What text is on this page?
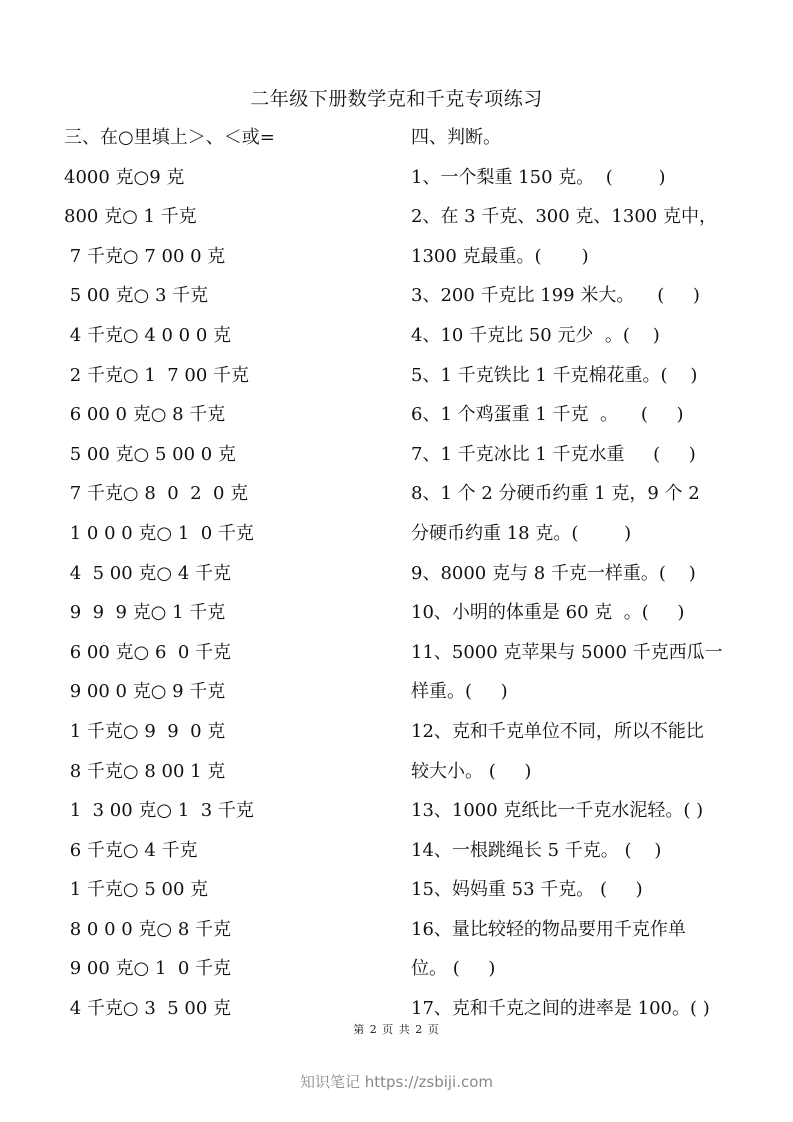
二年级下册数学克和千克专项练习
三、在○里填上＞、＜或=
4000 克○9 克
800 克○ 1 千克
7 千克○ 7 00 0 克
5 00 克○ 3 千克
4 千克○ 4 0 0 0 克
2 千克○ 1  7 00 千克
6 00 0 克○ 8 千克
5 00 克○ 5 00 0 克
7 千克○ 8  0  2  0 克
1 0 0 0 克○ 1  0 千克
4  5 00 克○ 4 千克
9  9  9 克○ 1 千克
6 00 克○ 6  0 千克
9 00 0 克○ 9 千克
1 千克○ 9  9  0 克
8 千克○ 8 00 1 克
1  3 00 克○ 1  3 千克
6 千克○ 4 千克
1 千克○ 5 00 克
8 0 0 0 克○ 8 千克
9 00 克○ 1  0 千克
4 千克○ 3  5 00 克
四、判断。
1、一个梨重 150 克。  (        )
2、在 3 千克、300 克、1300 克中，
1300 克最重。(       )
3、200 千克比 199 米大。    (     )
4、10 千克比 50 元少  。(    )
5、1 千克铁比 1 千克棉花重。(    )
6、1 个鸡蛋重 1 千克  。    (     )
7、1 千克冰比 1 千克水重     (     )
8、1 个 2 分硬币约重 1 克，9 个 2
分硬币约重 18 克。(        )
9、8000 克与 8 千克一样重。(    )
10、小明的体重是 60 克  。(     )
11、5000 克苹果与 5000 千克西瓜一
样重。(     )
12、克和千克单位不同，所以不能比
较大小。 (     )
13、1000 克纸比一千克水泥轻。( )
14、一根跳绳长 5 千克。 (    )
15、妈妈重 53 千克。 (     )
16、量比较轻的物品要用千克作单
位。 (     )
17、克和千克之间的进率是 100。( )
第 2 页 共 2 页
知识笔记 https://zsbiji.com
